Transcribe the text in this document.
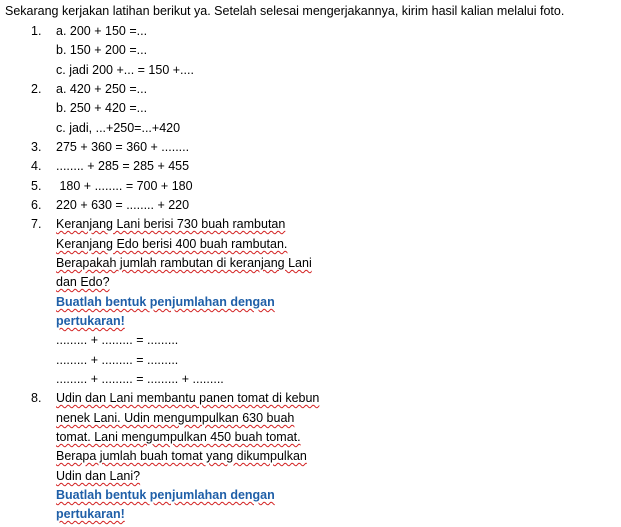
Sekarang kerjakan latihan berikut ya. Setelah selesai mengerjakannya, kirim hasil kalian melalui foto.
1. a. 200 + 150 =...
b. 150 + 200 =...
c. jadi 200 +... = 150 +....
2. a. 420 + 250 =...
b. 250 + 420 =...
c. jadi, ...+250=...+420
3. 275 + 360 = 360 + ........
4. ........ + 285 = 285 + 455
5. 180 + ........ = 700 + 180
6. 220 + 630 = ........ + 220
7. Keranjang Lani berisi 730 buah rambutan
Keranjang Edo berisi 400 buah rambutan.
Berapakah jumlah rambutan di keranjang Lani
dan Edo?
Buatlah bentuk penjumlahan dengan
pertukaran!
......... + ......... = .........
......... + ......... = .........
......... + ......... = ......... + .........
8. Udin dan Lani membantu panen tomat di kebun
nenek Lani. Udin mengumpulkan 630 buah
tomat. Lani mengumpulkan 450 buah tomat.
Berapa jumlah buah tomat yang dikumpulkan
Udin dan Lani?
Buatlah bentuk penjumlahan dengan
pertukaran!
